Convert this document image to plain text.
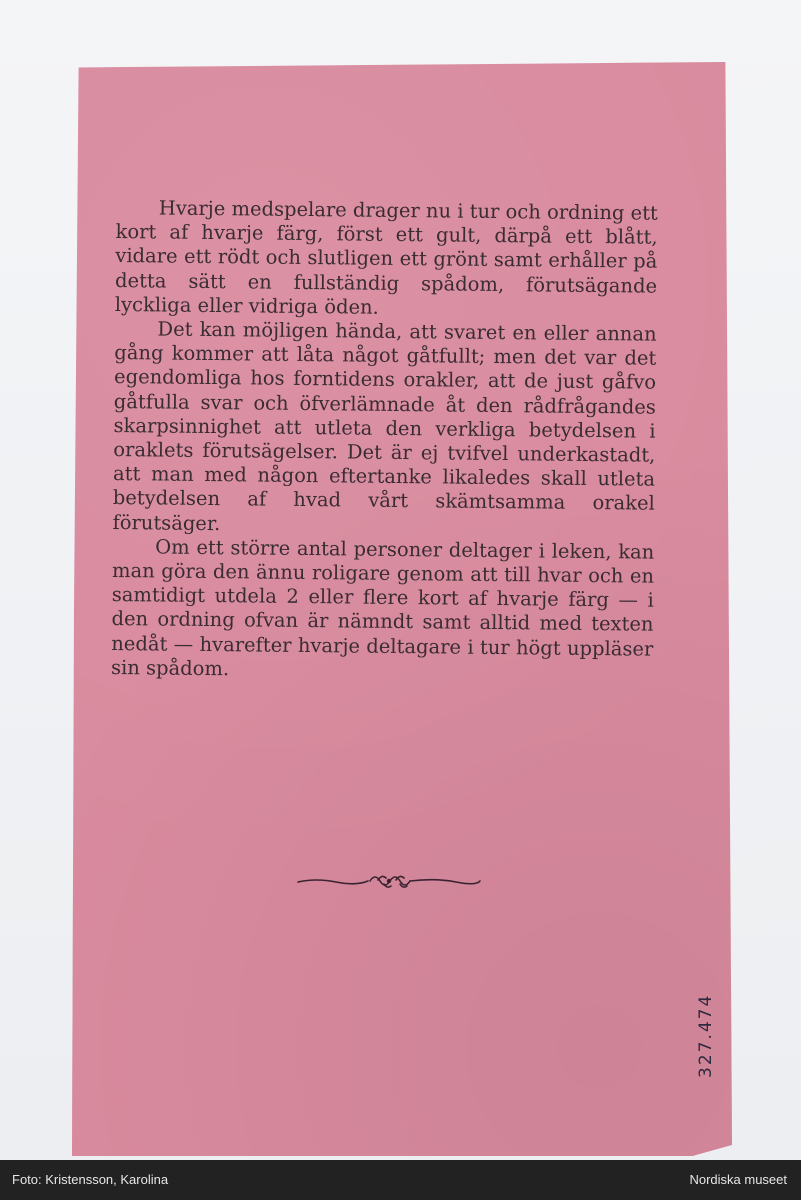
Hvarje medspelare drager nu i tur och ordning ett kort af hvarje färg, först ett gult, därpå ett blått, vidare ett rödt och slutligen ett grönt samt erhåller på detta sätt en fullständig spådom, förutsägande lyckliga eller vidriga öden.

Det kan möjligen hända, att svaret en eller annan gång kommer att låta något gåtfullt; men det var det egendomliga hos forntidens orakler, att de just gåfvo gåtfulla svar och öfverlämnade åt den rådfrågandes skarpsinnighet att utleta den verkliga betydelsen i oraklets förutsägelser. Det är ej tvifvel underkastadt, att man med någon eftertanke likaledes skall utleta betydelsen af hvad vårt skämtsamma orakel förutsäger.

Om ett större antal personer deltager i leken, kan man göra den ännu roligare genom att till hvar och en samtidigt utdela 2 eller flere kort af hvarje färg — i den ordning ofvan är nämndt samt alltid med texten nedåt — hvarefter hvarje deltagare i tur högt uppläser sin spådom.

327.474
Foto: Kristensson, Karolina	Nordiska museet
